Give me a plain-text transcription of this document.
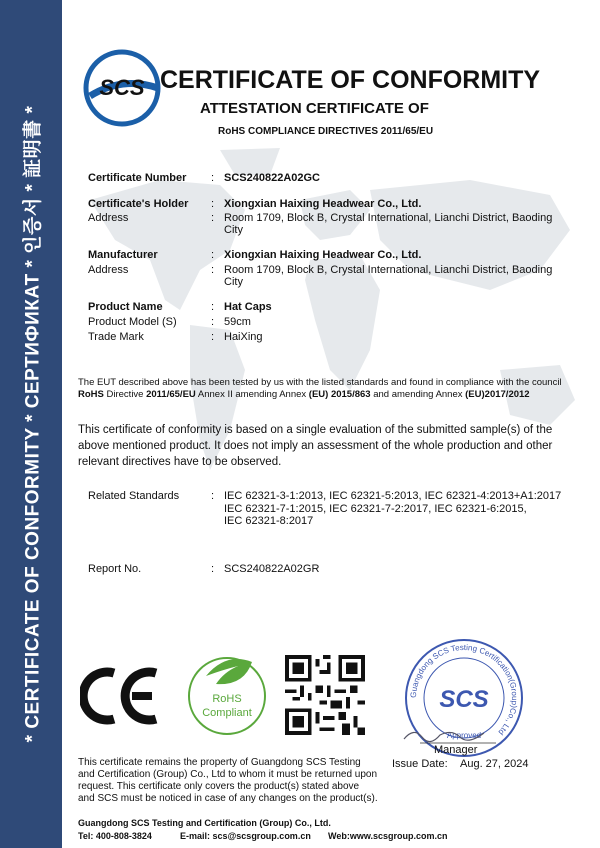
* CERTIFICATE OF CONFORMITY * СЕРТИФИКАТ * 인증서 * 証明書 *
SCS CERTIFICATE OF CONFORMITY
ATTESTATION CERTIFICATE OF
RoHS COMPLIANCE DIRECTIVES 2011/65/EU
Certificate Number : SCS240822A02GC
Certificate's Holder : Xiongxian Haixing Headwear Co., Ltd.
Address	: Room 1709, Block B, Crystal International, Lianchi District, Baoding City
Manufacturer	: Xiongxian Haixing Headwear Co., Ltd.
Address	: Room 1709, Block B, Crystal International, Lianchi District, Baoding City
Product Name	: Hat Caps
Product Model (S)	: 59cm
Trade Mark	: HaiXing
The EUT described above has been tested by us with the listed standards and found in compliance with the council RoHS Directive 2011/65/EU Annex II amending Annex (EU) 2015/863 and amending Annex (EU)2017/2012
This certificate of conformity is based on a single evaluation of the submitted sample(s) of the above mentioned product. It does not imply an assessment of the whole production and other relevant directives have to be observed.
Related Standards	: IEC 62321-3-1:2013, IEC 62321-5:2013, IEC 62321-4:2013+A1:2017
IEC 62321-7-1:2015, IEC 62321-7-2:2017, IEC 62321-6:2015,
IEC 62321-8:2017
Report No.	: SCS240822A02GR
RoHS
Compliant
Guangdong SCS Testing Certification(Group)Co., Ltd
SCS
Approved
Manager
Issue Date: Aug. 27, 2024
This certificate remains the property of Guangdong SCS Testing and Certification (Group) Co., Ltd to whom it must be returned upon request. This certificate only covers the product(s) stated above and SCS must be noticed in case of any changes on the product(s).
Guangdong SCS Testing and Certification (Group) Co., Ltd.
Tel: 400-808-3824	E-mail: scs@scsgroup.com.cn Web:www.scsgroup.com.cn
